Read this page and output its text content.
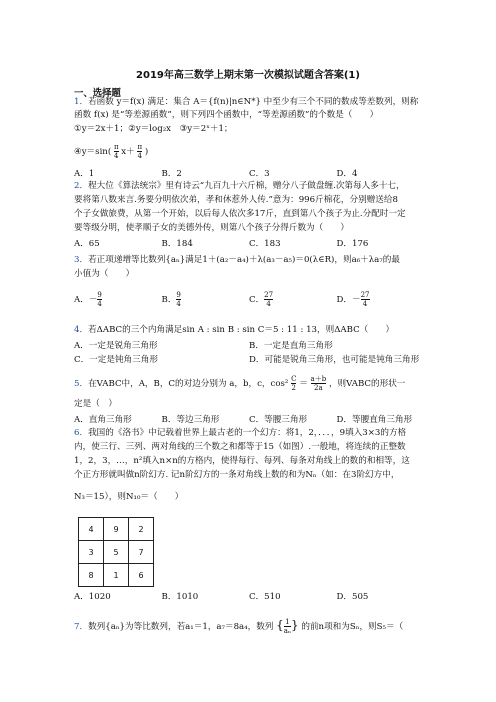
2019年高三数学上期末第一次模拟试题含答案(1)
一、选择题
1．若函数 y＝f(x) 满足：集合 A＝{f(n)|n∈N*} 中至少有三个不同的数成等差数列，则称
函数 f(x) 是“等差源函数”，则下列四个函数中，“等差源函数”的个数是（　　）
①y＝2x＋1；②y＝log₂x　③y＝2ˣ＋1；
④y＝sin( $\frac{\pi}{4} x+ \frac{\pi}{4}$ )
A．1	B．2	C．3	D．4
2．程大位《算法统宗》里有诗云“九百九十六斤棉，赠分八子做盘缠.次第每人多十七，
要将第八数来言.务要分明依次弟，孝和休惹外人传.”意为：996斤棉花，分别赠送给8
个子女做旅费，从第一个开始，以后每人依次多17斤，直到第八个孩子为止.分配时一定
要等级分明，使孝顺子女的美德外传，则第八个孩子分得斤数为（　　）
A．65	B．184	C．183	D．176
3．若正项递增等比数列{aₙ}满足1＋(a₂－a₄)＋λ(a₃－a₅)＝0(λ∈R)，则a₆＋λa₇的最
小值为（　　）
A．－ $\frac{9}{4}$	B． $\frac{9}{4}$	C． $\frac{27}{4}$	D．－ $\frac{27}{4}$
4．若ΔABC的三个内角满足sin A : sin B : sin C＝5 : 11 : 13，则ΔABC（　　）
A．一定是锐角三角形	B．一定是直角三角形
C．一定是钝角三角形	D．可能是锐角三角形，也可能是钝角三角形
5．在VABC中，A，B，C的对边分别为 a，b，c，$\cos^2 \frac{C}{2} = \frac{a+b}{2a}$ ，则VABC的形状一
定是（　）
A．直角三角形	B．等边三角形	C．等腰三角形	D．等腰直角三角形
6．我国的《洛书》中记载着世界上最古老的一个幻方：将1，2，．．．，9填入3×3的方格
内，使三行、三列、两对角线的三个数之和都等于15（如图）.一般地，将连续的正整数
1，2，3，…，n²填入n×n的方格内，使得每行、每列、每条对角线上的数的和相等，这
个正方形就叫做n阶幻方. 记n阶幻方的一条对角线上数的和为Nₙ（如：在3阶幻方中，
N₃＝15），则N₁₀＝（　　）
4	9	2
3	5	7
8	1	6
A．1020	B．1010	C．510	D．505
7．数列{aₙ}为等比数列，若a₁＝1，a₇＝8a₄，数列 { $\frac{1}{\text{aₙ}}$} 的前n项和为Sₙ，则S₅＝（
